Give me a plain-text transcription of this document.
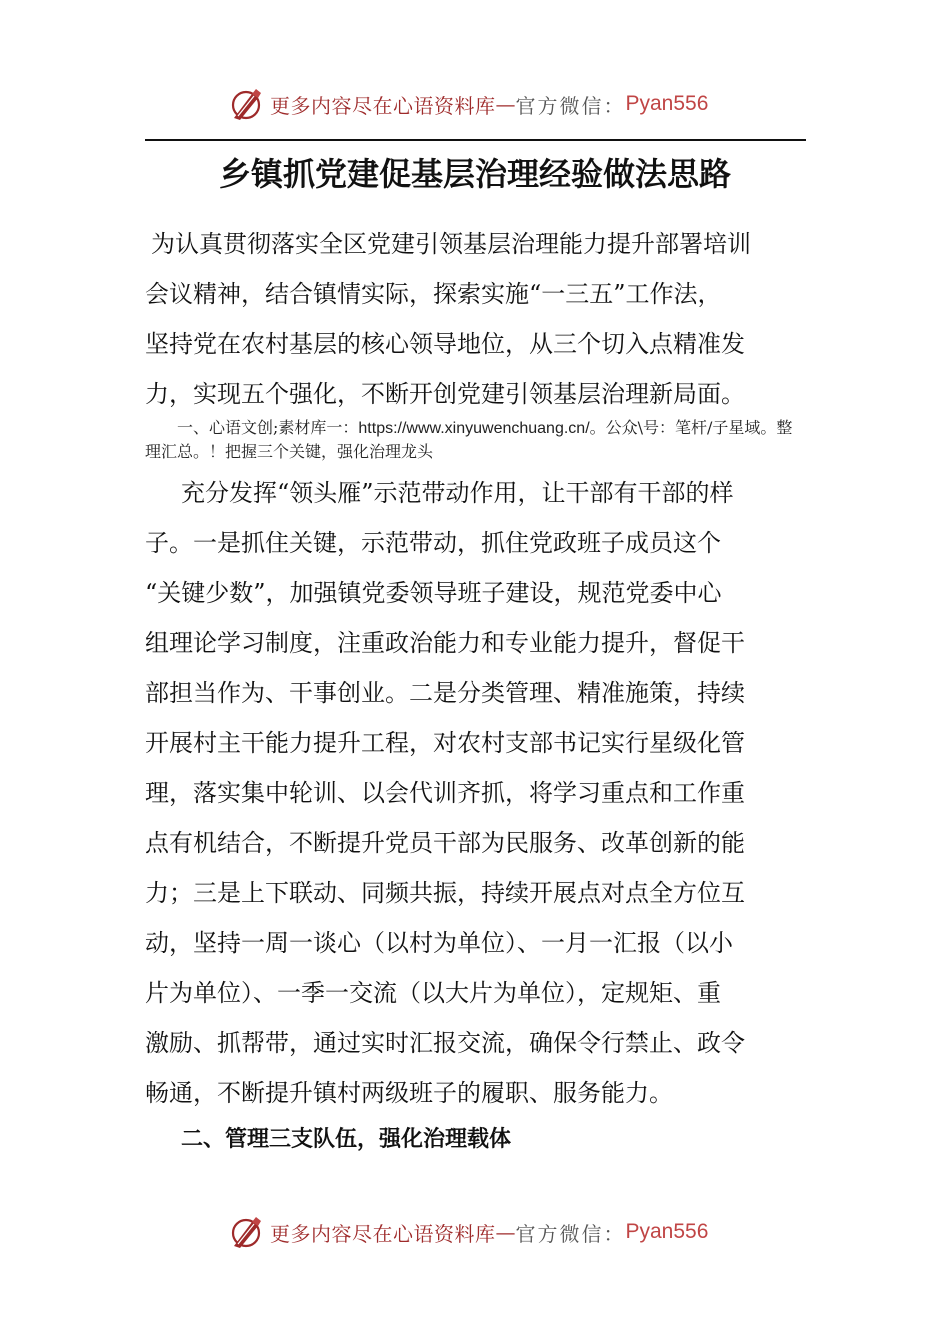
更多内容尽在心语资料库 — 官方微信： Pyan556
乡镇抓党建促基层治理经验做法思路
为认真贯彻落实全区党建引领基层治理能力提升部署培训
会议精神，结合镇情实际，探索实施“一三五”工作法，
坚持党在农村基层的核心领导地位，从三个切入点精准发
力，实现五个强化，不断开创党建引领基层治理新局面。
一、心语文创;素材库一：https://www.xinyuwenchuang.cn/。公众\号：笔杆/子星域。整理汇总。！把握三个关键，强化治理龙头
充分发挥“领头雁”示范带动作用，让干部有干部的样
子。一是抓住关键，示范带动，抓住党政班子成员这个
“关键少数”，加强镇党委领导班子建设，规范党委中心
组理论学习制度，注重政治能力和专业能力提升，督促干
部担当作为、干事创业。二是分类管理、精准施策，持续
开展村主干能力提升工程，对农村支部书记实行星级化管
理，落实集中轮训、以会代训齐抓，将学习重点和工作重
点有机结合，不断提升党员干部为民服务、改革创新的能
力；三是上下联动、同频共振，持续开展点对点全方位互
动，坚持一周一谈心（以村为单位）、一月一汇报（以小
片为单位）、一季一交流（以大片为单位），定规矩、重
激励、抓帮带，通过实时汇报交流，确保令行禁止、政令
畅通，不断提升镇村两级班子的履职、服务能力。
二、管理三支队伍，强化治理载体
更多内容尽在心语资料库 — 官方微信： Pyan556
